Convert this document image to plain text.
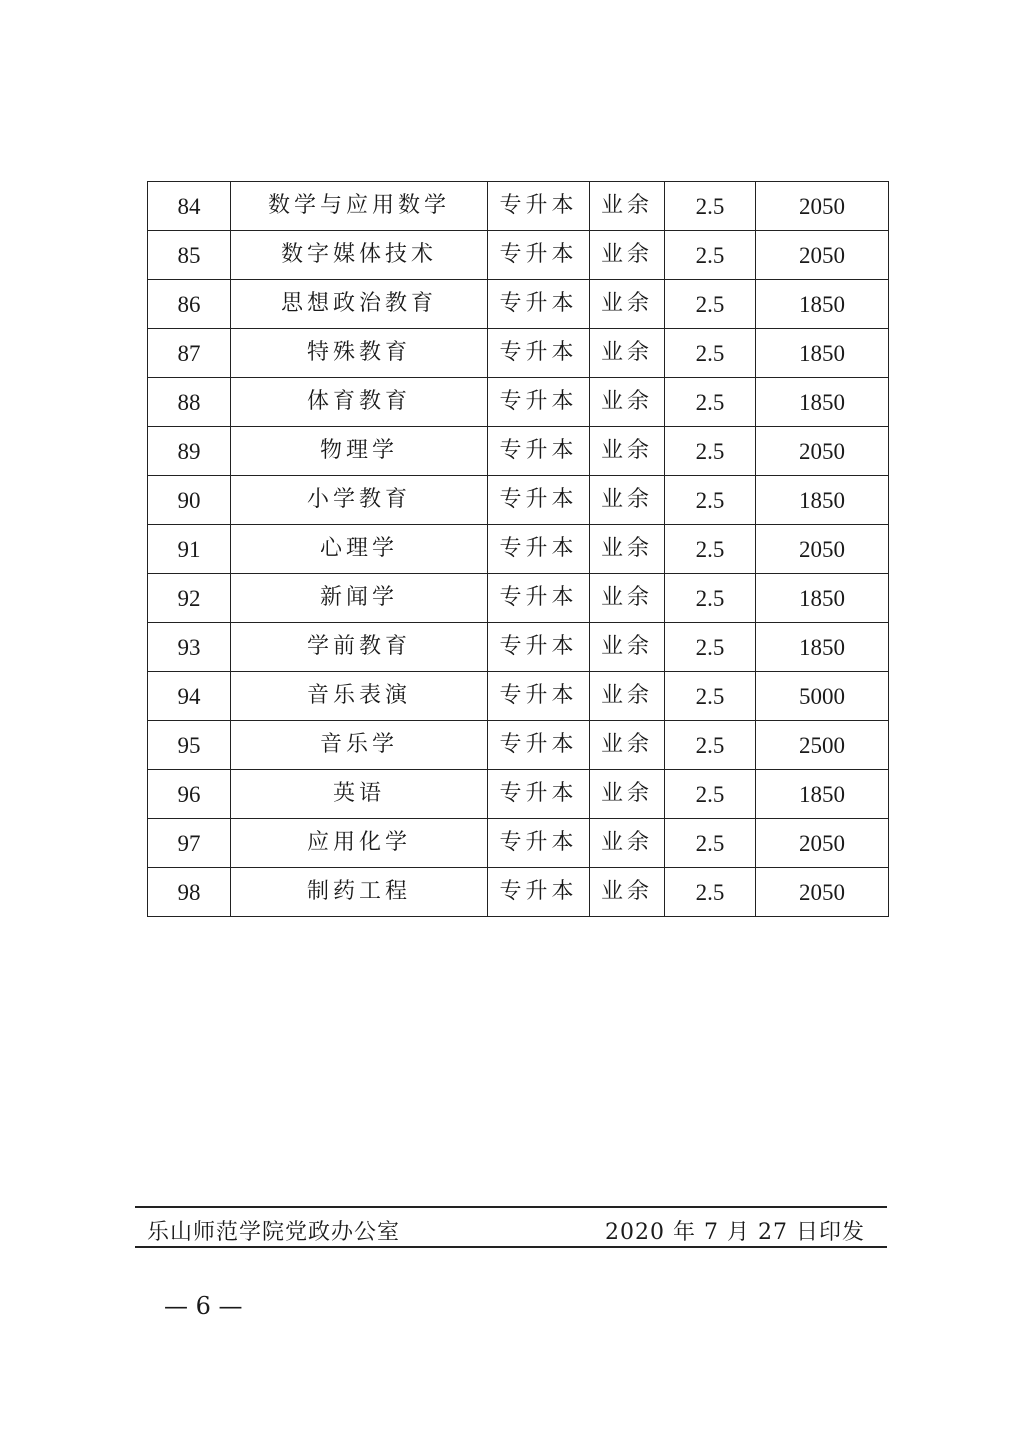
84	数学与应用数学	专升本	业余	2.5	2050
85	数字媒体技术	专升本	业余	2.5	2050
86	思想政治教育	专升本	业余	2.5	1850
87	特殊教育	专升本	业余	2.5	1850
88	体育教育	专升本	业余	2.5	1850
89	物理学	专升本	业余	2.5	2050
90	小学教育	专升本	业余	2.5	1850
91	心理学	专升本	业余	2.5	2050
92	新闻学	专升本	业余	2.5	1850
93	学前教育	专升本	业余	2.5	1850
94	音乐表演	专升本	业余	2.5	5000
95	音乐学	专升本	业余	2.5	2500
96	英语	专升本	业余	2.5	1850
97	应用化学	专升本	业余	2.5	2050
98	制药工程	专升本	业余	2.5	2050
乐山师范学院党政办公室	2020 年 7 月 27 日印发
— 6 —
